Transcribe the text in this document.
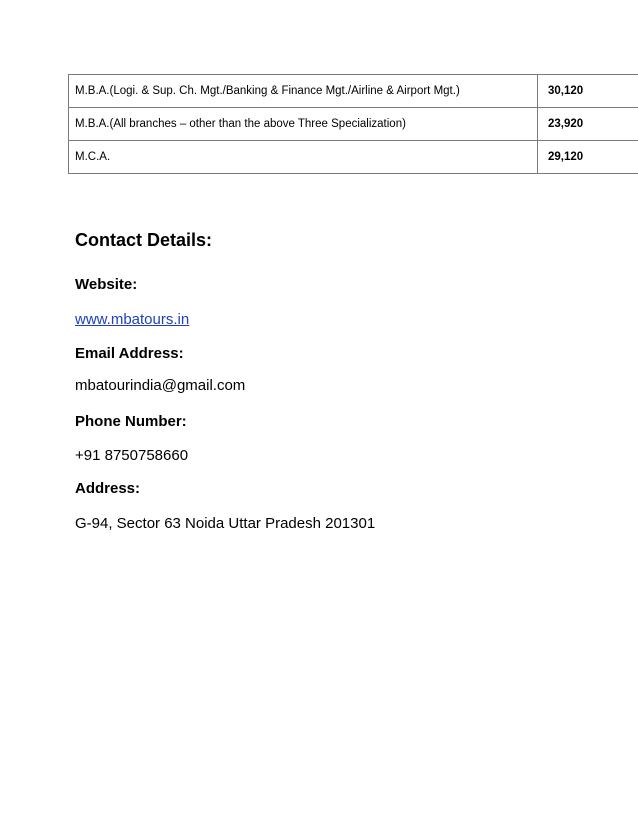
M.B.A.(Logi. & Sup. Ch. Mgt./Banking & Finance Mgt./Airline & Airport Mgt.)	30,120
M.B.A.(All branches – other than the above Three Specialization)	23,920
M.C.A.	29,120
Contact Details:
Website:
www.mbatours.in
Email Address:
mbatourindia@gmail.com
Phone Number:
+91 8750758660
Address:
G-94, Sector 63 Noida Uttar Pradesh 201301
